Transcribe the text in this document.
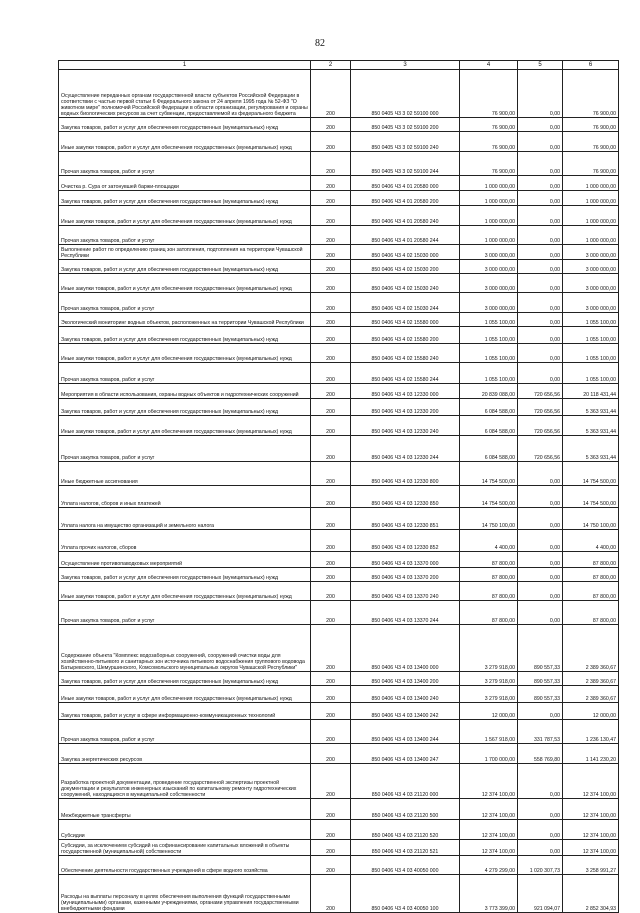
82
1	2	3	4	5	6

Осуществление переданных органам государственной власти субъектов Российской Федерации в соответствии с частью первой статьи 6 Федерального закона от 24 апреля 1995 года № 52-ФЗ "О животном мире" полномочий Российской Федерации в области организации, регулирования и охраны водных биологических ресурсов за счет субвенции, предоставляемой из федерального бюджета	200	850 0405 Ч3 3 02 59100 000	76 900,00	0,00	76 900,00

Закупка товаров, работ и услуг для обеспечения государственных (муниципальных) нужд	200	850 0405 Ч3 3 02 59100 200	76 900,00	0,00	76 900,00

Иные закупки товаров, работ и услуг для обеспечения государственных (муниципальных) нужд	200	850 0405 Ч3 3 02 59100 240	76 900,00	0,00	76 900,00

Прочая закупка товаров, работ и услуг	200	850 0405 Ч3 3 02 59100 244	76 900,00	0,00	76 900,00

Очистка р. Сура от затонувшей баржи-площадки	200	850 0406 Ч3 4 01 20580 000	1 000 000,00	0,00	1 000 000,00

Закупка товаров, работ и услуг для обеспечения государственных (муниципальных) нужд	200	850 0406 Ч3 4 01 20580 200	1 000 000,00	0,00	1 000 000,00

Иные закупки товаров, работ и услуг для обеспечения государственных (муниципальных) нужд	200	850 0406 Ч3 4 01 20580 240	1 000 000,00	0,00	1 000 000,00

Прочая закупка товаров, работ и услуг	200	850 0406 Ч3 4 01 20580 244	1 000 000,00	0,00	1 000 000,00

Выполнение работ по определению границ зон затопления, подтопления на территории Чувашской Республики	200	850 0406 Ч3 4 02 15030 000	3 000 000,00	0,00	3 000 000,00

Закупка товаров, работ и услуг для обеспечения государственных (муниципальных) нужд	200	850 0406 Ч3 4 02 15030 200	3 000 000,00	0,00	3 000 000,00

Иные закупки товаров, работ и услуг для обеспечения государственных (муниципальных) нужд	200	850 0406 Ч3 4 02 15030 240	3 000 000,00	0,00	3 000 000,00

Прочая закупка товаров, работ и услуг	200	850 0406 Ч3 4 02 15030 244	3 000 000,00	0,00	3 000 000,00

Экологический мониторинг водных объектов, расположенных на территории Чувашской Республики	200	850 0406 Ч3 4 02 15580 000	1 055 100,00	0,00	1 055 100,00

Закупка товаров, работ и услуг для обеспечения государственных (муниципальных) нужд	200	850 0406 Ч3 4 02 15580 200	1 055 100,00	0,00	1 055 100,00

Иные закупки товаров, работ и услуг для обеспечения государственных (муниципальных) нужд	200	850 0406 Ч3 4 02 15580 240	1 055 100,00	0,00	1 055 100,00

Прочая закупка товаров, работ и услуг	200	850 0406 Ч3 4 02 15580 244	1 055 100,00	0,00	1 055 100,00

Мероприятия в области использования, охраны водных объектов и гидротехнических сооружений	200	850 0406 Ч3 4 03 12330 000	20 839 088,00	720 656,56	20 118 431,44

Закупка товаров, работ и услуг для обеспечения государственных (муниципальных) нужд	200	850 0406 Ч3 4 03 12330 200	6 084 588,00	720 656,56	5 363 931,44

Иные закупки товаров, работ и услуг для обеспечения государственных (муниципальных) нужд	200	850 0406 Ч3 4 03 12330 240	6 084 588,00	720 656,56	5 363 931,44

Прочая закупка товаров, работ и услуг	200	850 0406 Ч3 4 03 12330 244	6 084 588,00	720 656,56	5 363 931,44

Иные бюджетные ассигнования	200	850 0406 Ч3 4 03 12330 800	14 754 500,00	0,00	14 754 500,00

Уплата налогов, сборов и иных платежей	200	850 0406 Ч3 4 03 12330 850	14 754 500,00	0,00	14 754 500,00

Уплата налога на имущество организаций и земельного налога	200	850 0406 Ч3 4 03 12330 851	14 750 100,00	0,00	14 750 100,00

Уплата прочих налогов, сборов	200	850 0406 Ч3 4 03 12330 852	4 400,00	0,00	4 400,00

Осуществление противопаводковых мероприятий	200	850 0406 Ч3 4 03 13370 000	87 800,00	0,00	87 800,00

Закупка товаров, работ и услуг для обеспечения государственных (муниципальных) нужд	200	850 0406 Ч3 4 03 13370 200	87 800,00	0,00	87 800,00

Иные закупки товаров, работ и услуг для обеспечения государственных (муниципальных) нужд	200	850 0406 Ч3 4 03 13370 240	87 800,00	0,00	87 800,00

Прочая закупка товаров, работ и услуг	200	850 0406 Ч3 4 03 13370 244	87 800,00	0,00	87 800,00

Содержание объекта "Комплекс водозаборных сооружений, сооружений очистки воды для хозяйственно-питьевого и санитарных зон источника питьевого водоснабжения группового водовода Батыревского, Шемуршинского, Комсомольского муниципальных округов Чувашской Республики"	200	850 0406 Ч3 4 03 13400 000	3 279 918,00	890 557,33	2 389 360,67

Закупка товаров, работ и услуг для обеспечения государственных (муниципальных) нужд	200	850 0406 Ч3 4 03 13400 200	3 279 918,00	890 557,33	2 389 360,67

Иные закупки товаров, работ и услуг для обеспечения государственных (муниципальных) нужд	200	850 0406 Ч3 4 03 13400 240	3 279 918,00	890 557,33	2 389 360,67

Закупка товаров, работ и услуг в сфере информационно-коммуникационных технологий	200	850 0406 Ч3 4 03 13400 242	12 000,00	0,00	12 000,00

Прочая закупка товаров, работ и услуг	200	850 0406 Ч3 4 03 13400 244	1 567 918,00	331 787,53	1 236 130,47

Закупка энергетических ресурсов	200	850 0406 Ч3 4 03 13400 247	1 700 000,00	558 769,80	1 141 230,20

Разработка проектной документации, проведение государственной экспертизы проектной документации и результатов инженерных изысканий по капитальному ремонту гидротехнических сооружений, находящихся в муниципальной собственности	200	850 0406 Ч3 4 03 21120 000	12 374 100,00	0,00	12 374 100,00

Межбюджетные трансферты	200	850 0406 Ч3 4 03 21120 500	12 374 100,00	0,00	12 374 100,00

Субсидии	200	850 0406 Ч3 4 03 21120 520	12 374 100,00	0,00	12 374 100,00

Субсидии, за исключением субсидий на софинансирование капитальных вложений в объекты государственной (муниципальной) собственности	200	850 0406 Ч3 4 03 21120 521	12 374 100,00	0,00	12 374 100,00

Обеспечение деятельности государственных учреждений в сфере водного хозяйства	200	850 0406 Ч3 4 03 40050 000	4 279 299,00	1 020 307,73	3 258 991,27

Расходы на выплаты персоналу в целях обеспечения выполнения функций государственными (муниципальными) органами, казенными учреждениями, органами управления государственными внебюджетными фондами	200	850 0406 Ч3 4 03 40050 100	3 773 399,00	921 094,07	2 852 304,93
